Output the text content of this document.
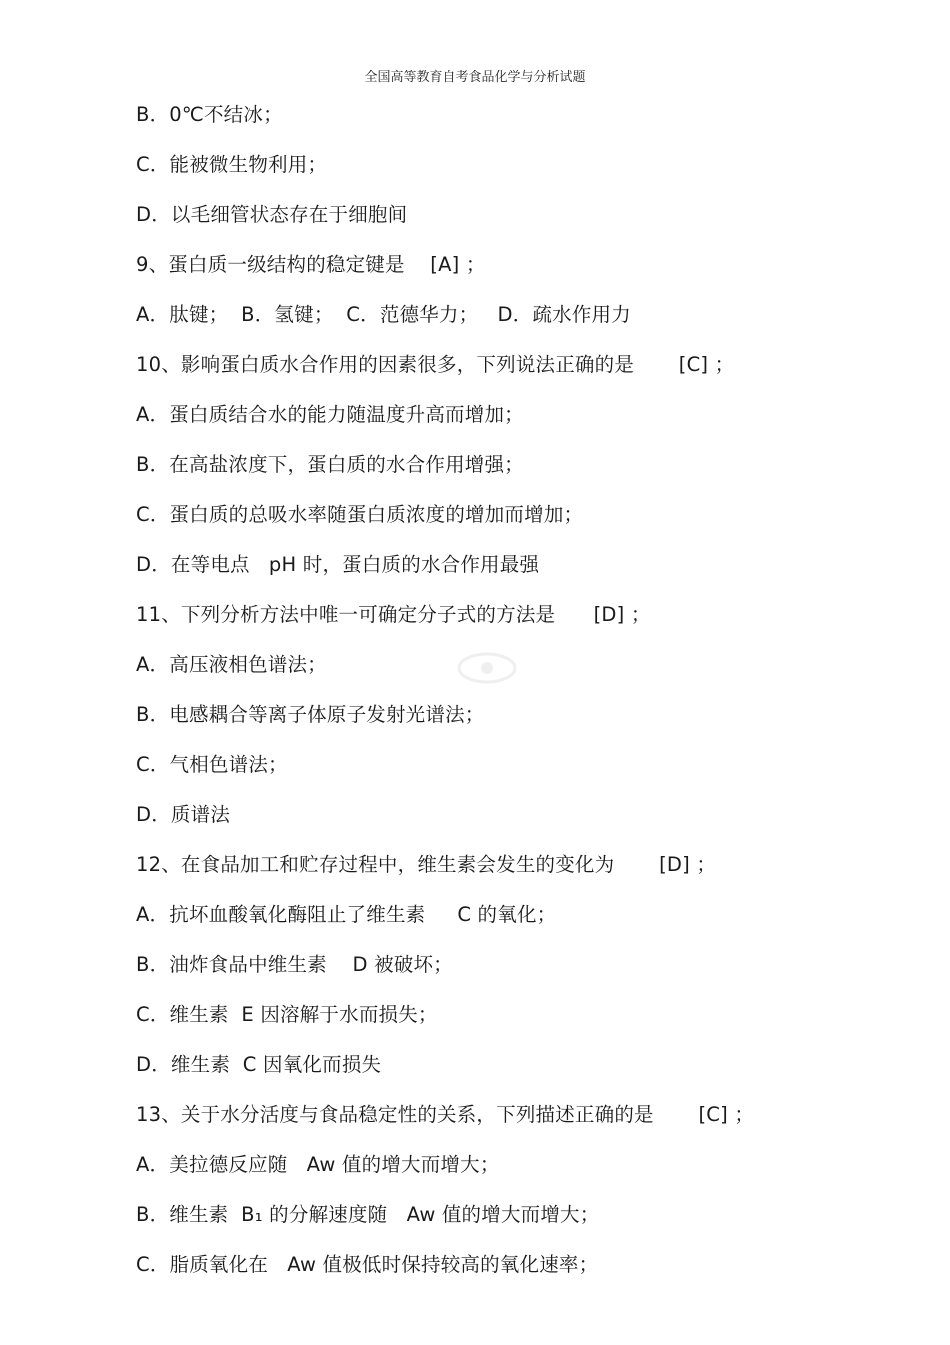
全国高等教育自考食品化学与分析试题
B．0℃不结冰；
C．能被微生物利用；
D．以毛细管状态存在于细胞间
9、蛋白质一级结构的稳定键是    [A] ；
A．肽键；  B．氢键；  C．范德华力；   D．疏水作用力
10、影响蛋白质水合作用的因素很多，下列说法正确的是       [C] ；
A．蛋白质结合水的能力随温度升高而增加；
B．在高盐浓度下，蛋白质的水合作用增强；
C．蛋白质的总吸水率随蛋白质浓度的增加而增加；
D．在等电点   pH 时，蛋白质的水合作用最强
11、下列分析方法中唯一可确定分子式的方法是      [D] ；
A．高压液相色谱法；
B．电感耦合等离子体原子发射光谱法；
C．气相色谱法；
D．质谱法
12、在食品加工和贮存过程中，维生素会发生的变化为       [D] ；
A．抗坏血酸氧化酶阻止了维生素     C 的氧化；
B．油炸食品中维生素    D 被破坏；
C．维生素  E 因溶解于水而损失；
D．维生素  C 因氧化而损失
13、关于水分活度与食品稳定性的关系，下列描述正确的是       [C] ；
A．美拉德反应随   Aw 值的增大而增大；
B．维生素  B₁ 的分解速度随   Aw 值的增大而增大；
C．脂质氧化在   Aw 值极低时保持较高的氧化速率；
